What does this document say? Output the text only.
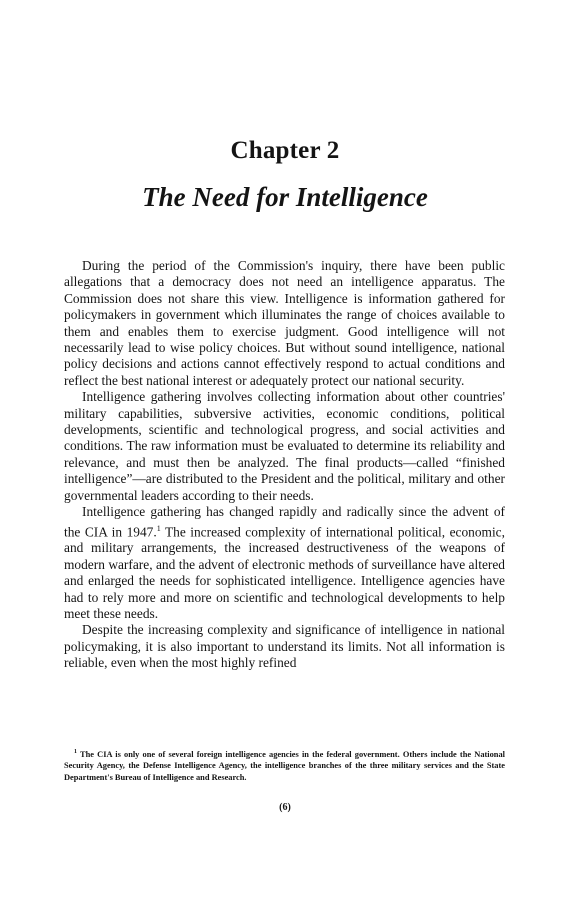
Chapter 2
The Need for Intelligence

During the period of the Commission's inquiry, there have been public allegations that a democracy does not need an intelligence apparatus. The Commission does not share this view. Intelligence is information gathered for policymakers in government which illuminates the range of choices available to them and enables them to exercise judgment. Good intelligence will not necessarily lead to wise policy choices. But without sound intelligence, national policy decisions and actions cannot effectively respond to actual conditions and reflect the best national interest or adequately protect our national security.

Intelligence gathering involves collecting information about other countries' military capabilities, subversive activities, economic conditions, political developments, scientific and technological progress, and social activities and conditions. The raw information must be evaluated to determine its reliability and relevance, and must then be analyzed. The final products—called “finished intelligence”—are distributed to the President and the political, military and other governmental leaders according to their needs.

Intelligence gathering has changed rapidly and radically since the advent of the CIA in 1947.$^1$ The increased complexity of international political, economic, and military arrangements, the increased destructiveness of the weapons of modern warfare, and the advent of electronic methods of surveillance have altered and enlarged the needs for sophisticated intelligence. Intelligence agencies have had to rely more and more on scientific and technological developments to help meet these needs.

Despite the increasing complexity and significance of intelligence in national policymaking, it is also important to understand its limits. Not all information is reliable, even when the most highly refined

$^1$ The CIA is only one of several foreign intelligence agencies in the federal government. Others include the National Security Agency, the Defense Intelligence Agency, the intelligence branches of the three military services and the State Department's Bureau of Intelligence and Research.
(6)
